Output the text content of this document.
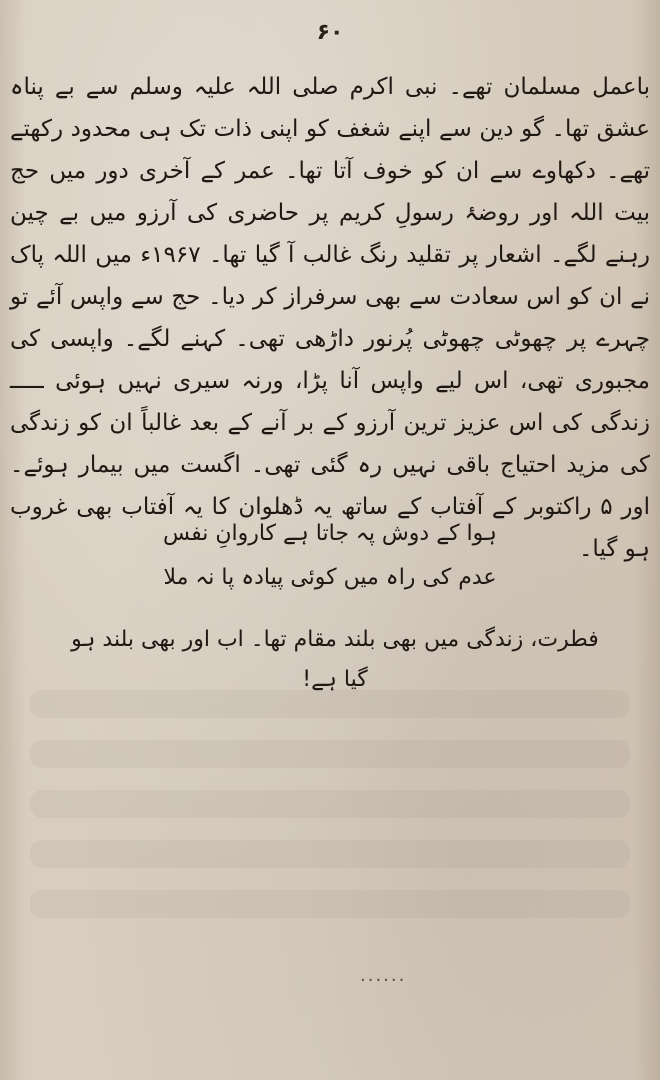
۶۰
باعمل مسلمان تھے۔ نبی اکرم صلی اللہ علیہ وسلم سے بے پناہ عشق تھا۔ گو دین سے اپنے شغف کو اپنی ذات تک ہی محدود رکھتے تھے۔ دکھاوے سے ان کو خوف آتا تھا۔ عمر کے آخری دور میں حج بیت اللہ اور روضۂ رسولِ کریم پر حاضری کی آرزو میں بے چین رہنے لگے۔ اشعار پر تقلید رنگ غالب آ گیا تھا۔ ۱۹۶۷ء میں اللہ پاک نے ان کو اس سعادت سے بھی سرفراز کر دیا۔ حج سے واپس آئے تو چہرے پر چھوٹی چھوٹی پُرنور داڑھی تھی۔ کہنے لگے۔ واپسی کی مجبوری تھی، اس لیے واپس آنا پڑا، ورنہ سیری نہیں ہوئی ـــــ زندگی کی اس عزیز ترین آرزو کے بر آنے کے بعد غالباً ان کو زندگی کی مزید احتیاج باقی نہیں رہ گئی تھی۔ اگست میں بیمار ہوئے۔ اور ۵ راکتوبر کے آفتاب کے ساتھ یہ ڈھلوان کا یہ آفتاب بھی غروب ہو گیا۔
ہوا کے دوش پہ جاتا ہے کاروانِ نفس
عدم کی راہ میں کوئی پیادہ پا نہ ملا
فطرت، زندگی میں بھی بلند مقام تھا۔ اب اور بھی بلند ہو گیا ہے!
......
